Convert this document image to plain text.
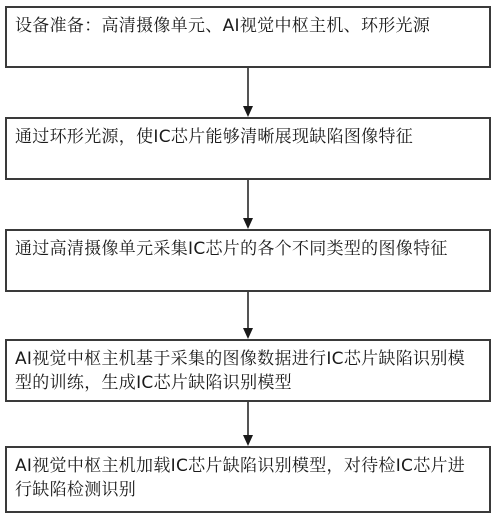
设备准备：高清摄像单元、AI视觉中枢主机、环形光源
通过环形光源，使IC芯片能够清晰展现缺陷图像特征
通过高清摄像单元采集IC芯片的各个不同类型的图像特征
AI视觉中枢主机基于采集的图像数据进行IC芯片缺陷识别模型的训练，生成IC芯片缺陷识别模型
AI视觉中枢主机加载IC芯片缺陷识别模型，对待检IC芯片进行缺陷检测识别
